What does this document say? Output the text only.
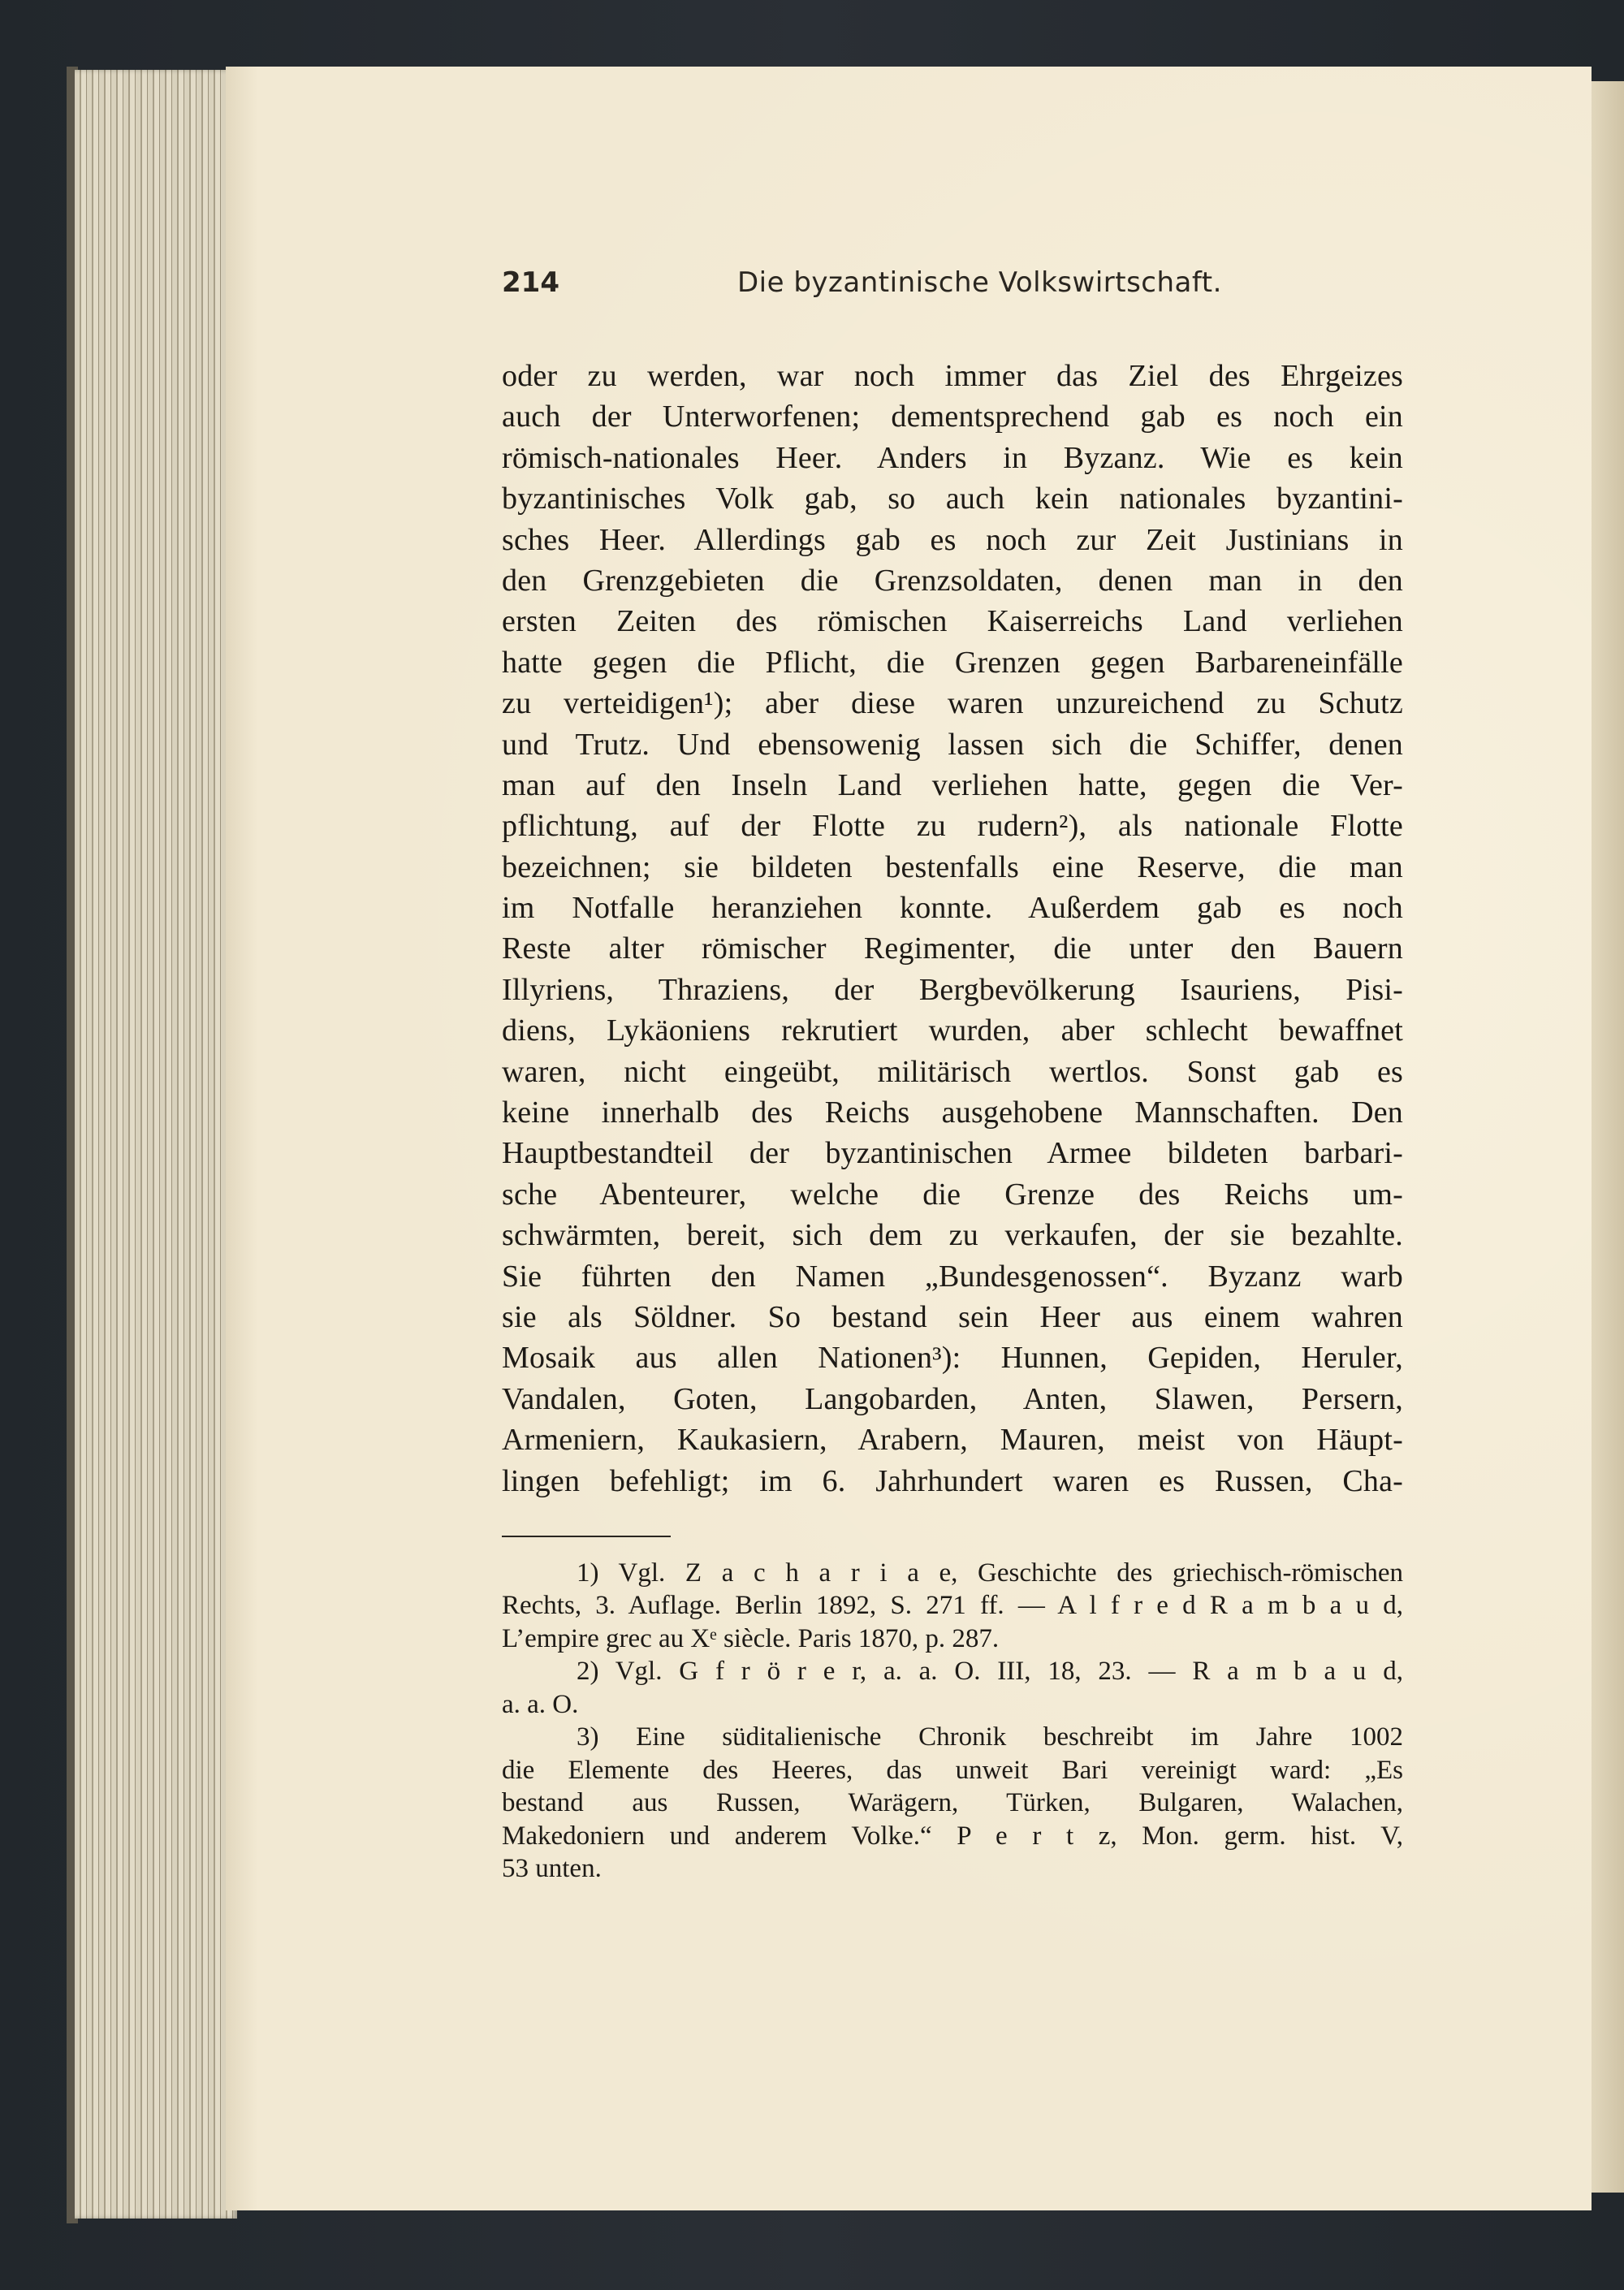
214	Die byzantinische Volkswirtschaft.
oder zu werden, war noch immer das Ziel des Ehrgeizes
auch der Unterworfenen; dementsprechend gab es noch ein
römisch-nationales Heer. Anders in Byzanz. Wie es kein
byzantinisches Volk gab, so auch kein nationales byzantini-
sches Heer. Allerdings gab es noch zur Zeit Justinians in
den Grenzgebieten die Grenzsoldaten, denen man in den
ersten Zeiten des römischen Kaiserreichs Land verliehen
hatte gegen die Pflicht, die Grenzen gegen Barbareneinfälle
zu verteidigen¹); aber diese waren unzureichend zu Schutz
und Trutz. Und ebensowenig lassen sich die Schiffer, denen
man auf den Inseln Land verliehen hatte, gegen die Ver-
pflichtung, auf der Flotte zu rudern²), als nationale Flotte
bezeichnen; sie bildeten bestenfalls eine Reserve, die man
im Notfalle heranziehen konnte. Außerdem gab es noch
Reste alter römischer Regimenter, die unter den Bauern
Illyriens, Thraziens, der Bergbevölkerung Isauriens, Pisi-
diens, Lykäoniens rekrutiert wurden, aber schlecht bewaffnet
waren, nicht eingeübt, militärisch wertlos. Sonst gab es
keine innerhalb des Reichs ausgehobene Mannschaften. Den
Hauptbestandteil der byzantinischen Armee bildeten barbari-
sche Abenteurer, welche die Grenze des Reichs um-
schwärmten, bereit, sich dem zu verkaufen, der sie bezahlte.
Sie führten den Namen „Bundesgenossen“. Byzanz warb
sie als Söldner. So bestand sein Heer aus einem wahren
Mosaik aus allen Nationen³): Hunnen, Gepiden, Heruler,
Vandalen, Goten, Langobarden, Anten, Slawen, Persern,
Armeniern, Kaukasiern, Arabern, Mauren, meist von Häupt-
lingen befehligt; im 6. Jahrhundert waren es Russen, Cha-
1) Vgl. Z a c h a r i a e, Geschichte des griechisch-römischen
Rechts, 3. Auflage. Berlin 1892, S. 271 ff. — A l f r e d R a m b a u d,
L’empire grec au Xᵉ siècle. Paris 1870, p. 287.
2) Vgl. G f r ö r e r, a. a. O. III, 18, 23. — R a m b a u d,
a. a. O.
3) Eine süditalienische Chronik beschreibt im Jahre 1002
die Elemente des Heeres, das unweit Bari vereinigt ward: „Es
bestand aus Russen, Warägern, Türken, Bulgaren, Walachen,
Makedoniern und anderem Volke.“ P e r t z, Mon. germ. hist. V,
53 unten.
